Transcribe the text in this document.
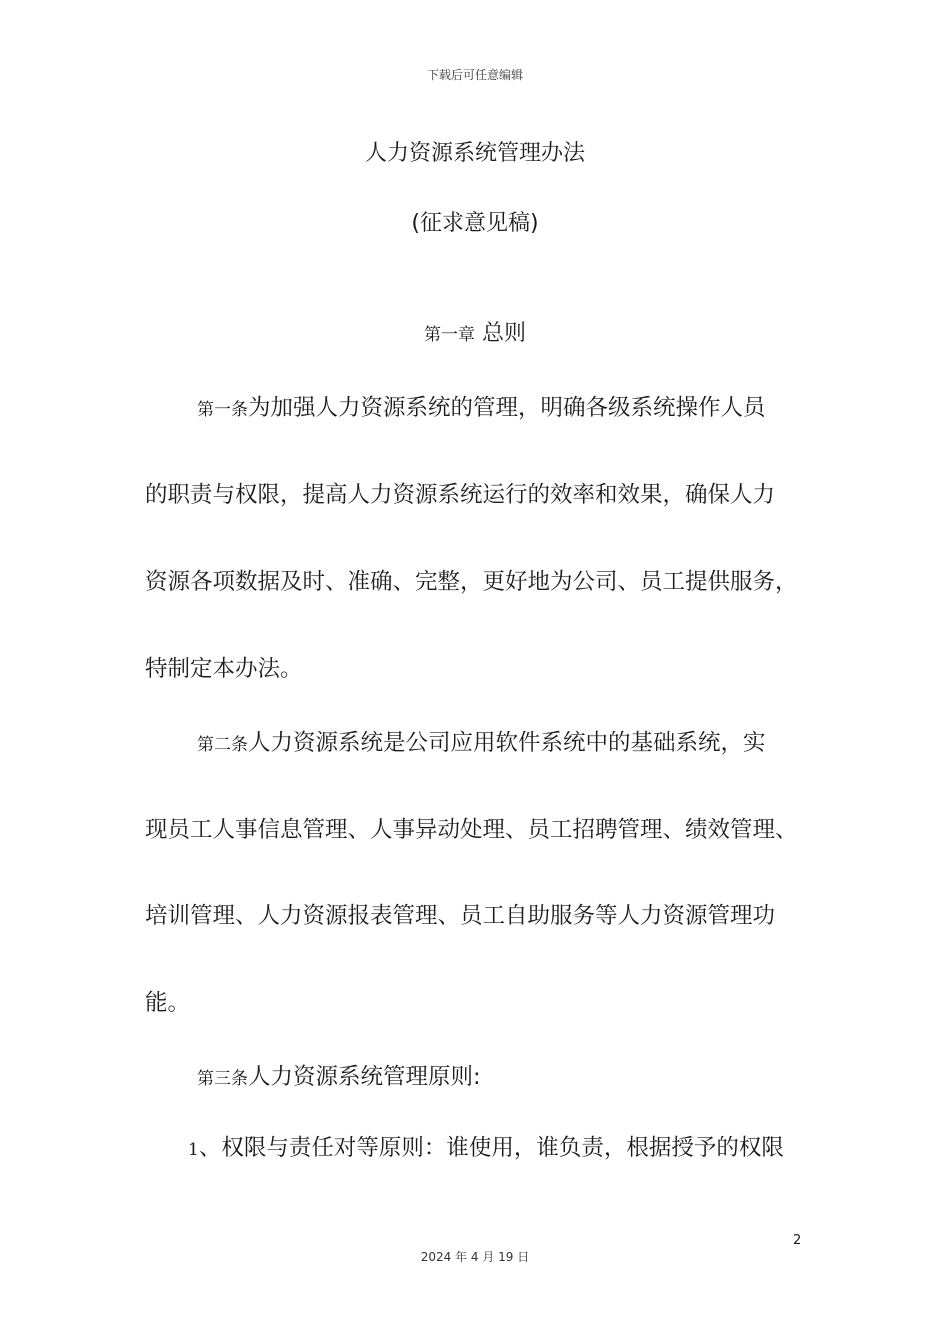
下载后可任意编辑
人力资源系统管理办法
(征求意见稿)
第一章 总则
第一条为加强人力资源系统的管理，明确各级系统操作人员
的职责与权限，提高人力资源系统运行的效率和效果，确保人力
资源各项数据及时、准确、完整，更好地为公司、员工提供服务，
特制定本办法。
第二条人力资源系统是公司应用软件系统中的基础系统，实
现员工人事信息管理、人事异动处理、员工招聘管理、绩效管理、
培训管理、人力资源报表管理、员工自助服务等人力资源管理功
能。
第三条人力资源系统管理原则:
1、权限与责任对等原则：谁使用，谁负责，根据授予的权限
2
2024 年 4 月 19 日
